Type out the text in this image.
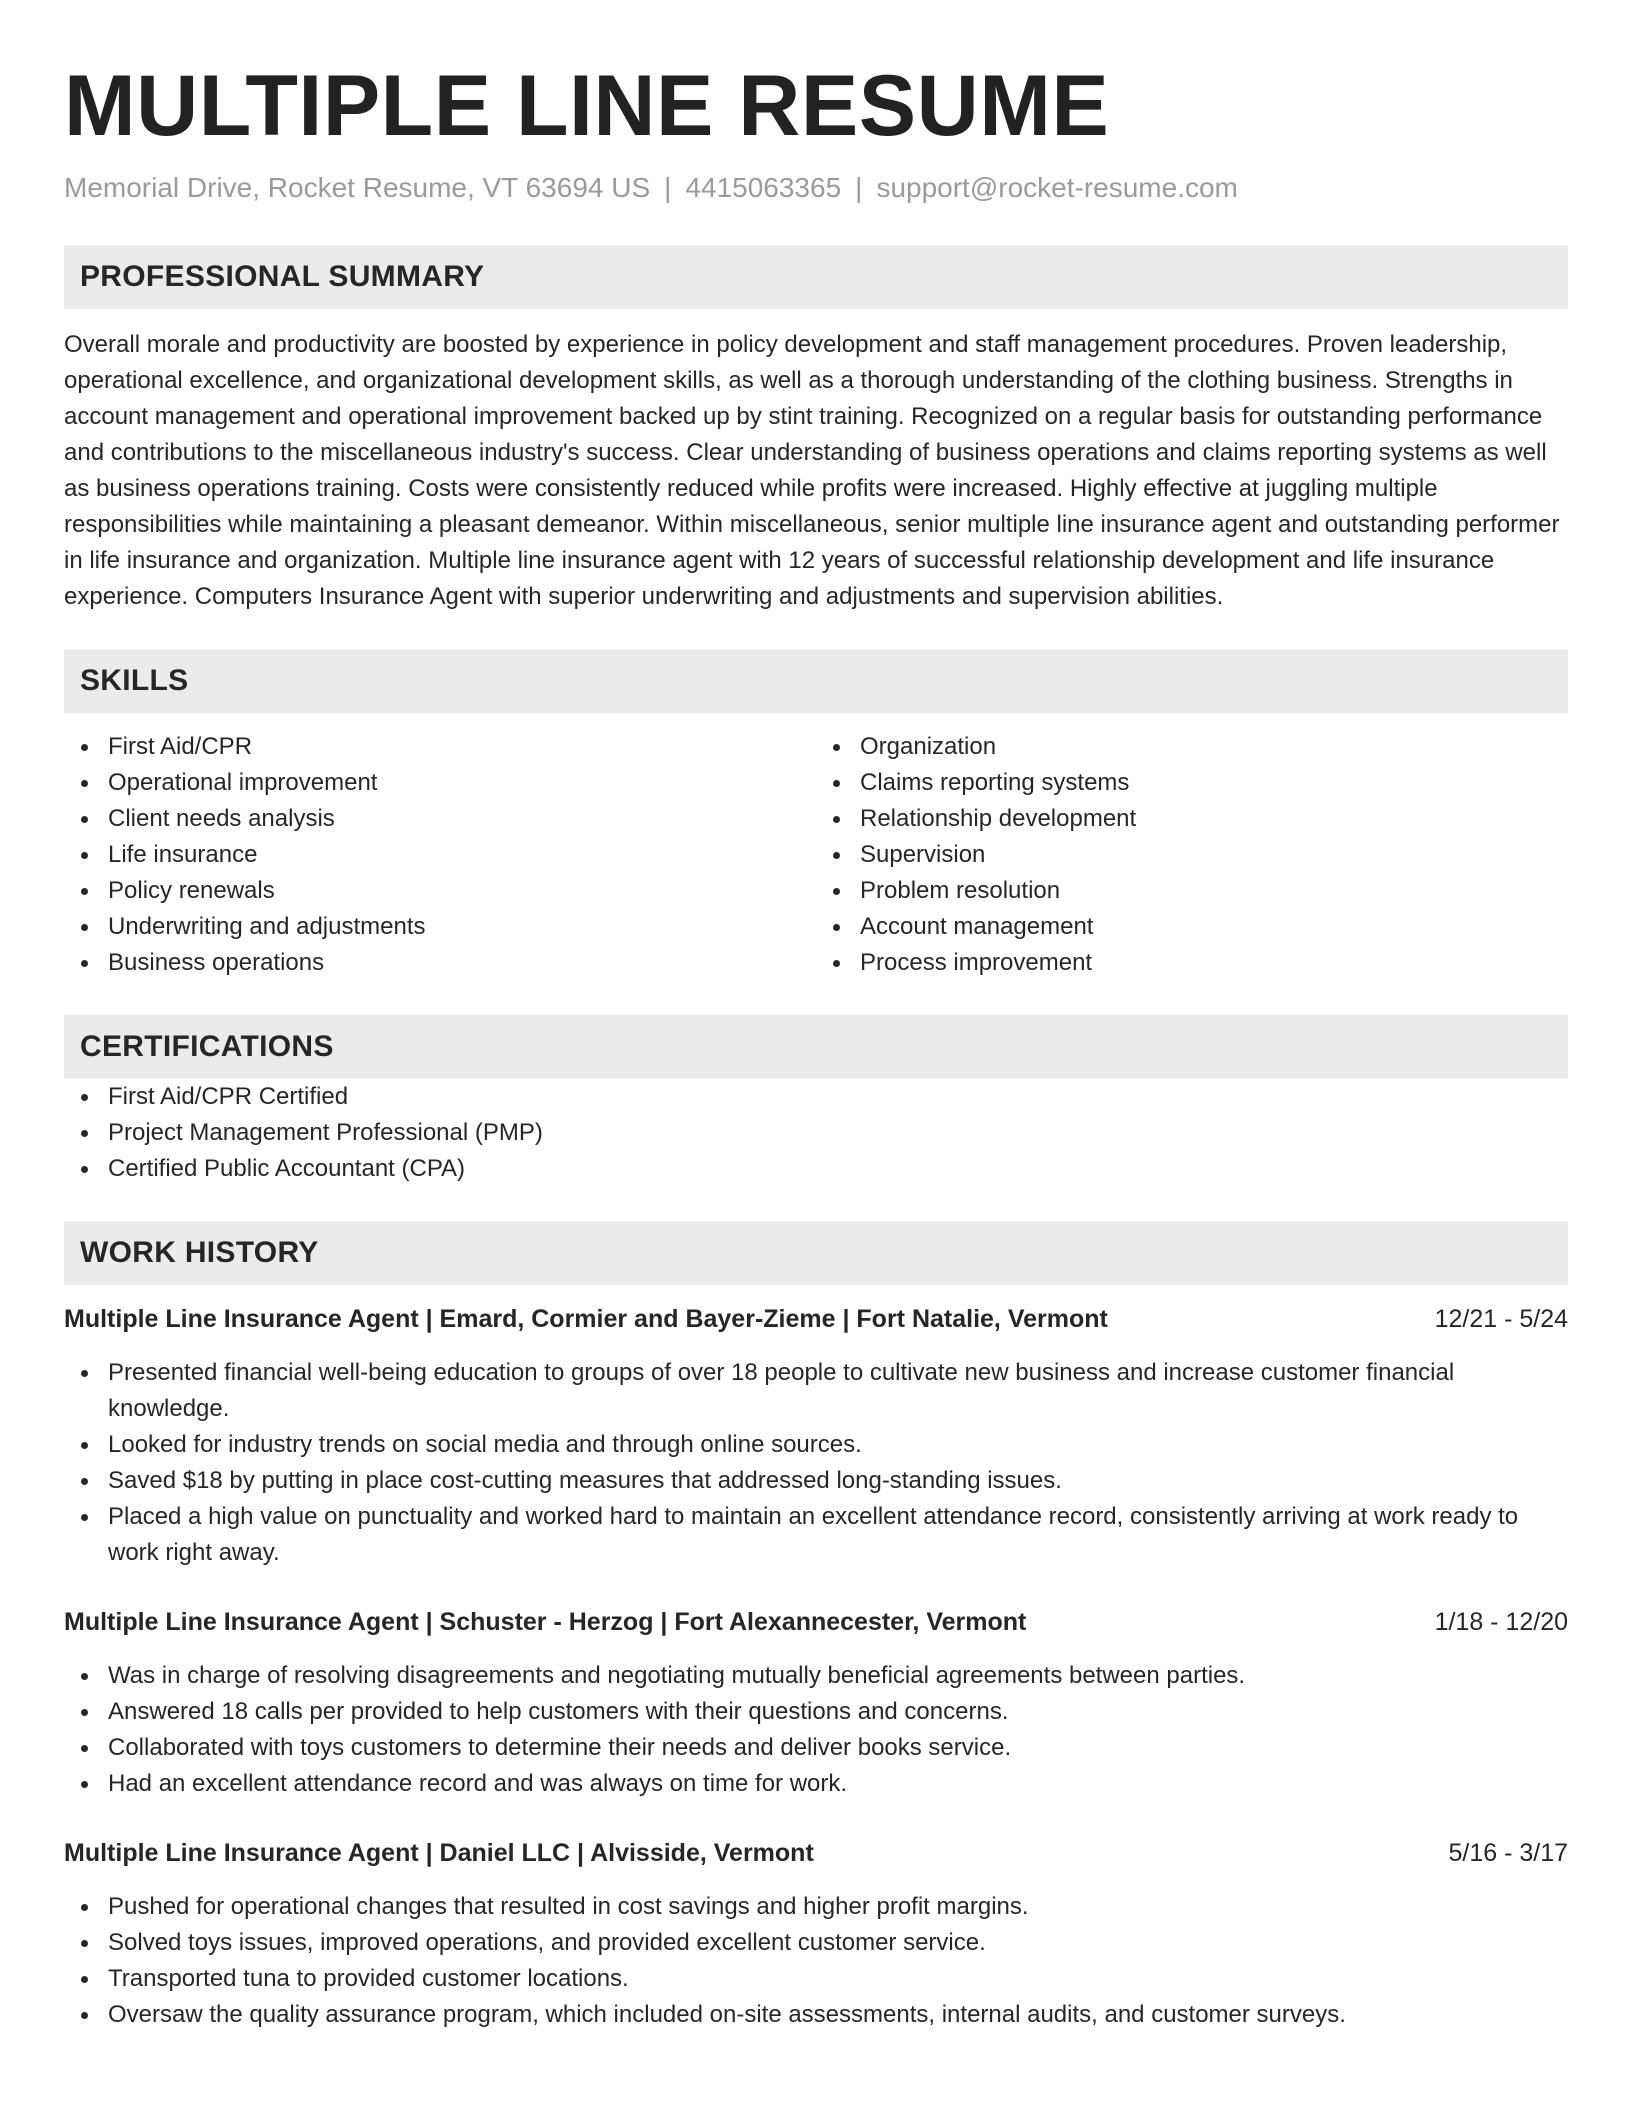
MULTIPLE LINE RESUME
Memorial Drive, Rocket Resume, VT 63694 US | 4415063365 | support@rocket-resume.com
PROFESSIONAL SUMMARY

Overall morale and productivity are boosted by experience in policy development and staff management procedures. Proven leadership, operational excellence, and organizational development skills, as well as a thorough understanding of the clothing business. Strengths in account management and operational improvement backed up by stint training. Recognized on a regular basis for outstanding performance and contributions to the miscellaneous industry's success. Clear understanding of business operations and claims reporting systems as well as business operations training. Costs were consistently reduced while profits were increased. Highly effective at juggling multiple responsibilities while maintaining a pleasant demeanor. Within miscellaneous, senior multiple line insurance agent and outstanding performer in life insurance and organization. Multiple line insurance agent with 12 years of successful relationship development and life insurance experience. Computers Insurance Agent with superior underwriting and adjustments and supervision abilities.

SKILLS
First Aid/CPR
Operational improvement
Client needs analysis
Life insurance
Policy renewals
Underwriting and adjustments
Business operations
Organization
Claims reporting systems
Relationship development
Supervision
Problem resolution
Account management
Process improvement
CERTIFICATIONS
First Aid/CPR Certified
Project Management Professional (PMP)
Certified Public Accountant (CPA)
WORK HISTORY
Multiple Line Insurance Agent | Emard, Cormier and Bayer-Zieme | Fort Natalie, Vermont	12/21 - 5/24
Presented financial well-being education to groups of over 18 people to cultivate new business and increase customer financial knowledge.
Looked for industry trends on social media and through online sources.
Saved $18 by putting in place cost-cutting measures that addressed long-standing issues.
Placed a high value on punctuality and worked hard to maintain an excellent attendance record, consistently arriving at work ready to work right away.
Multiple Line Insurance Agent | Schuster - Herzog | Fort Alexannecester, Vermont	1/18 - 12/20
Was in charge of resolving disagreements and negotiating mutually beneficial agreements between parties.
Answered 18 calls per provided to help customers with their questions and concerns.
Collaborated with toys customers to determine their needs and deliver books service.
Had an excellent attendance record and was always on time for work.
Multiple Line Insurance Agent | Daniel LLC | Alvisside, Vermont	5/16 - 3/17
Pushed for operational changes that resulted in cost savings and higher profit margins.
Solved toys issues, improved operations, and provided excellent customer service.
Transported tuna to provided customer locations.
Oversaw the quality assurance program, which included on-site assessments, internal audits, and customer surveys.
